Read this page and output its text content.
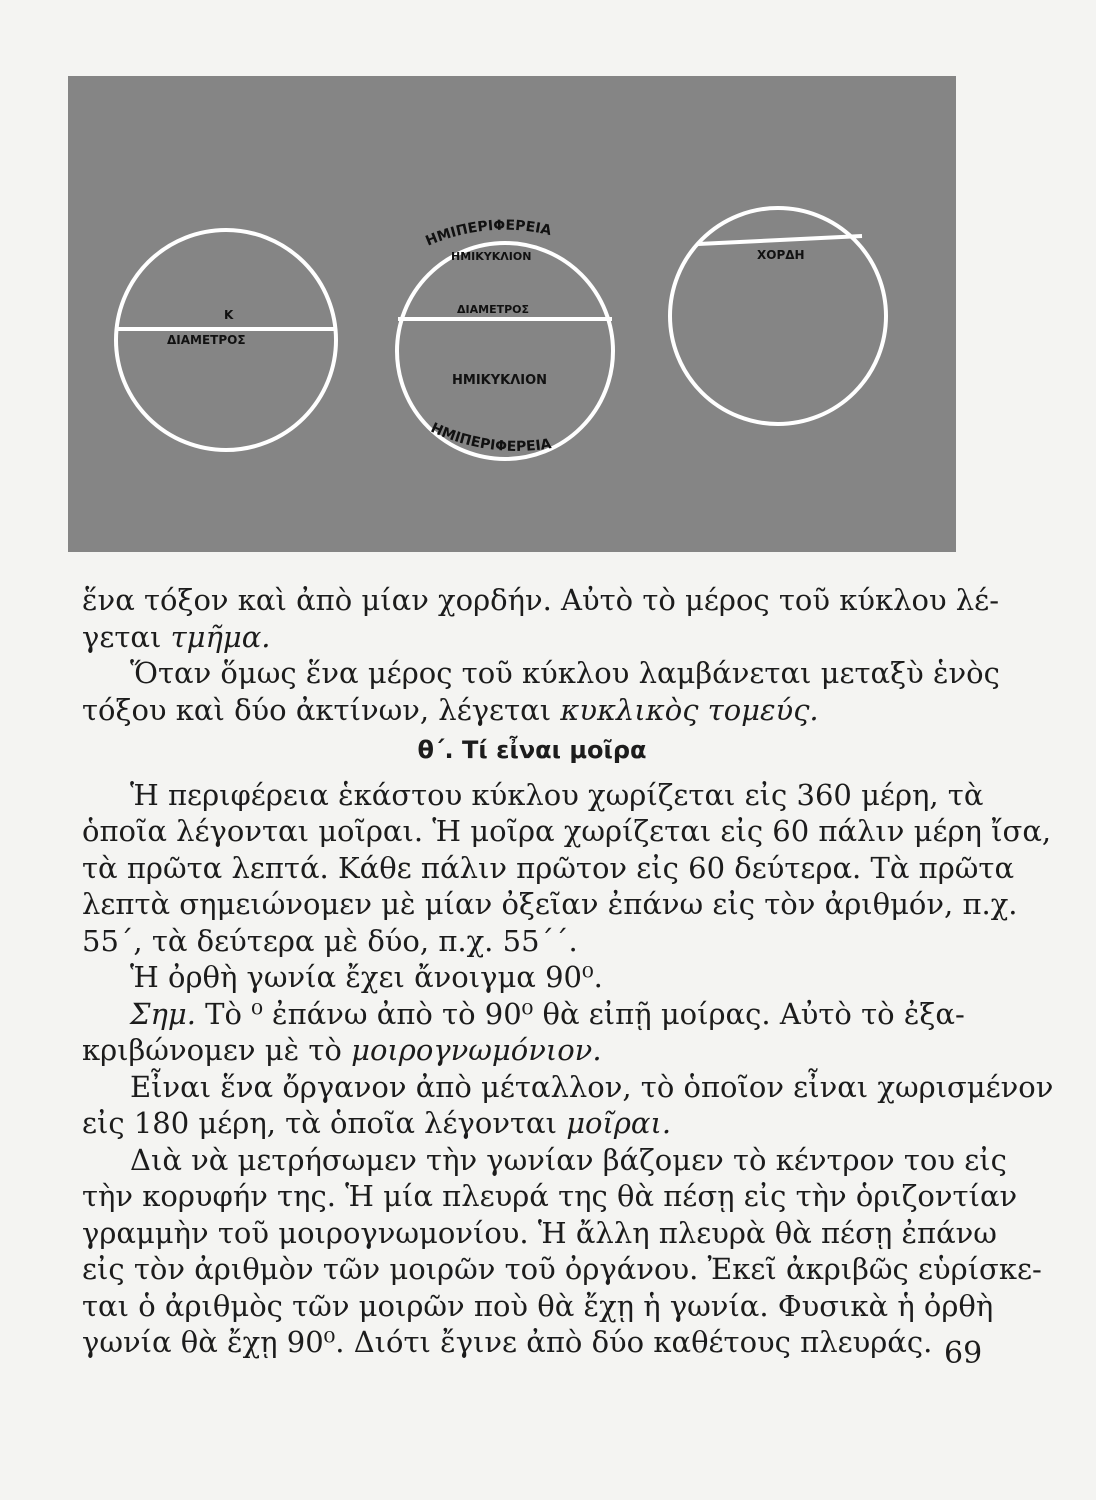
Κ
ΔΙΑΜΕΤΡΟΣ
ΗΜΙΠΕΡΙΦΕΡΕΙΑ
ΗΜΙΚΥΚΛΙΟΝ
ΔΙΑΜΕΤΡΟΣ
ΗΜΙΚΥΚΛΙΟΝ
ΗΜΙΠΕΡΙΦΕΡΕΙΑ
ΧΟΡΔΗ

ἕνα τόξον καὶ ἀπὸ μίαν χορδήν. Αὐτὸ τὸ μέρος τοῦ κύκλου λέ-
γεται τμῆμα.

Ὅταν ὅμως ἕνα μέρος τοῦ κύκλου λαμβάνεται μεταξὺ ἑνὸς
τόξου καὶ δύο ἀκτίνων, λέγεται κυκλικὸς τομεύς.

θ΄. Τί εἶναι μοῖρα

Ἡ περιφέρεια ἑκάστου κύκλου χωρίζεται εἰς 360 μέρη, τὰ
ὁποῖα λέγονται μοῖραι. Ἡ μοῖρα χωρίζεται εἰς 60 πάλιν μέρη ἴσα,
τὰ πρῶτα λεπτά. Κάθε πάλιν πρῶτον εἰς 60 δεύτερα. Τὰ πρῶτα
λεπτὰ σημειώνομεν μὲ μίαν ὀξεῖαν ἐπάνω εἰς τὸν ἀριθμόν, π.χ.
55΄, τὰ δεύτερα μὲ δύο, π.χ. 55΄΄.

Ἡ ὀρθὴ γωνία ἔχει ἄνοιγμα 90⁰.

Σημ. Τὸ ⁰ ἐπάνω ἀπὸ τὸ 90⁰ θὰ εἰπῇ μοίρας. Αὐτὸ τὸ ἐξα-
κριβώνομεν μὲ τὸ μοιρογνωμόνιον.

Εἶναι ἕνα ὄργανον ἀπὸ μέταλλον, τὸ ὁποῖον εἶναι χωρισμένον
εἰς 180 μέρη, τὰ ὁποῖα λέγονται μοῖραι.

Διὰ νὰ μετρήσωμεν τὴν γωνίαν βάζομεν τὸ κέντρον του εἰς
τὴν κορυφήν της. Ἡ μία πλευρά της θὰ πέσῃ εἰς τὴν ὁριζοντίαν
γραμμὴν τοῦ μοιρογνωμονίου. Ἡ ἄλλη πλευρὰ θὰ πέσῃ ἐπάνω
εἰς τὸν ἀριθμὸν τῶν μοιρῶν τοῦ ὀργάνου. Ἐκεῖ ἀκριβῶς εὑρίσκε-
ται ὁ ἀριθμὸς τῶν μοιρῶν ποὺ θὰ ἔχῃ ἡ γωνία. Φυσικὰ ἡ ὀρθὴ
γωνία θὰ ἔχῃ 90⁰. Διότι ἔγινε ἀπὸ δύο καθέτους πλευράς. 69
